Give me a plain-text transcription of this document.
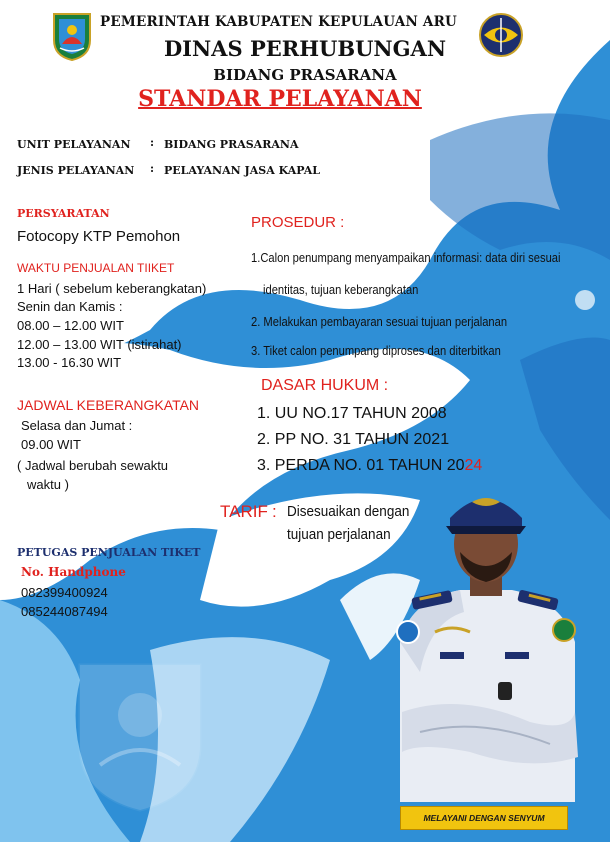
PEMERINTAH KABUPATEN KEPULAUAN ARU
DINAS PERHUBUNGAN
BIDANG PRASARANA
STANDAR PELAYANAN
UNIT PELAYANAN : BIDANG PRASARANA
JENIS PELAYANAN : PELAYANAN JASA KAPAL
PERSYARATAN
Fotocopy KTP Pemohon
WAKTU PENJUALAN TIIKET
1 Hari ( sebelum keberangkatan)
Senin dan Kamis :
08.00 – 12.00 WIT
12.00 – 13.00 WIT (istirahat)
13.00 - 16.30 WIT
JADWAL KEBERANGKATAN
Selasa dan Jumat :
09.00 WIT
( Jadwal berubah sewaktu
waktu )
PETUGAS PENJUALAN TIKET
No. Handphone
082399400924
085244087494
PROSEDUR :
1.Calon penumpang menyampaikan informasi: data diri sesuai
identitas, tujuan keberangkatan
2. Melakukan pembayaran sesuai tujuan perjalanan
3. Tiket calon penumpang diproses dan diterbitkan
DASAR HUKUM :
1. UU NO.17 TAHUN 2008
2. PP NO. 31 TAHUN 2021
3. PERDA NO. 01 TAHUN 2024
TARIF : Disesuaikan dengan
tujuan perjalanan
MELAYANI DENGAN SENYUM
